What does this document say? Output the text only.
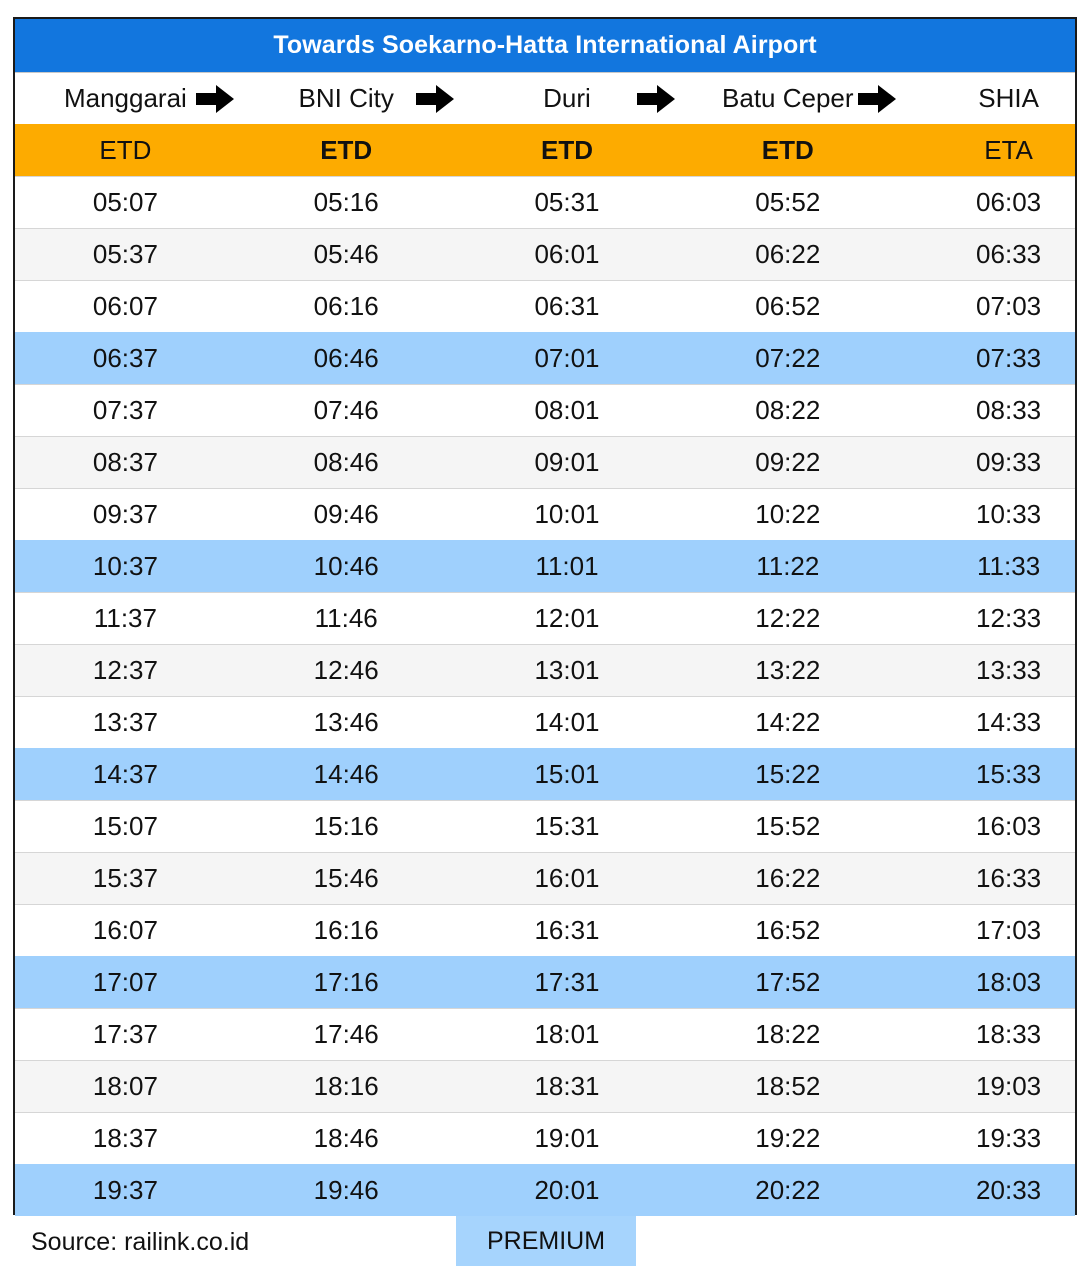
Towards Soekarno-Hatta International Airport
Manggarai	BNI City	Duri	Batu Ceper	SHIA
ETD	ETD	ETD	ETD	ETA
05:07	05:16	05:31	05:52	06:03
05:37	05:46	06:01	06:22	06:33
06:07	06:16	06:31	06:52	07:03
06:37	06:46	07:01	07:22	07:33
07:37	07:46	08:01	08:22	08:33
08:37	08:46	09:01	09:22	09:33
09:37	09:46	10:01	10:22	10:33
10:37	10:46	11:01	11:22	11:33
11:37	11:46	12:01	12:22	12:33
12:37	12:46	13:01	13:22	13:33
13:37	13:46	14:01	14:22	14:33
14:37	14:46	15:01	15:22	15:33
15:07	15:16	15:31	15:52	16:03
15:37	15:46	16:01	16:22	16:33
16:07	16:16	16:31	16:52	17:03
17:07	17:16	17:31	17:52	18:03
17:37	17:46	18:01	18:22	18:33
18:07	18:16	18:31	18:52	19:03
18:37	18:46	19:01	19:22	19:33
19:37	19:46	20:01	20:22	20:33
Source: railink.co.id	PREMIUM
